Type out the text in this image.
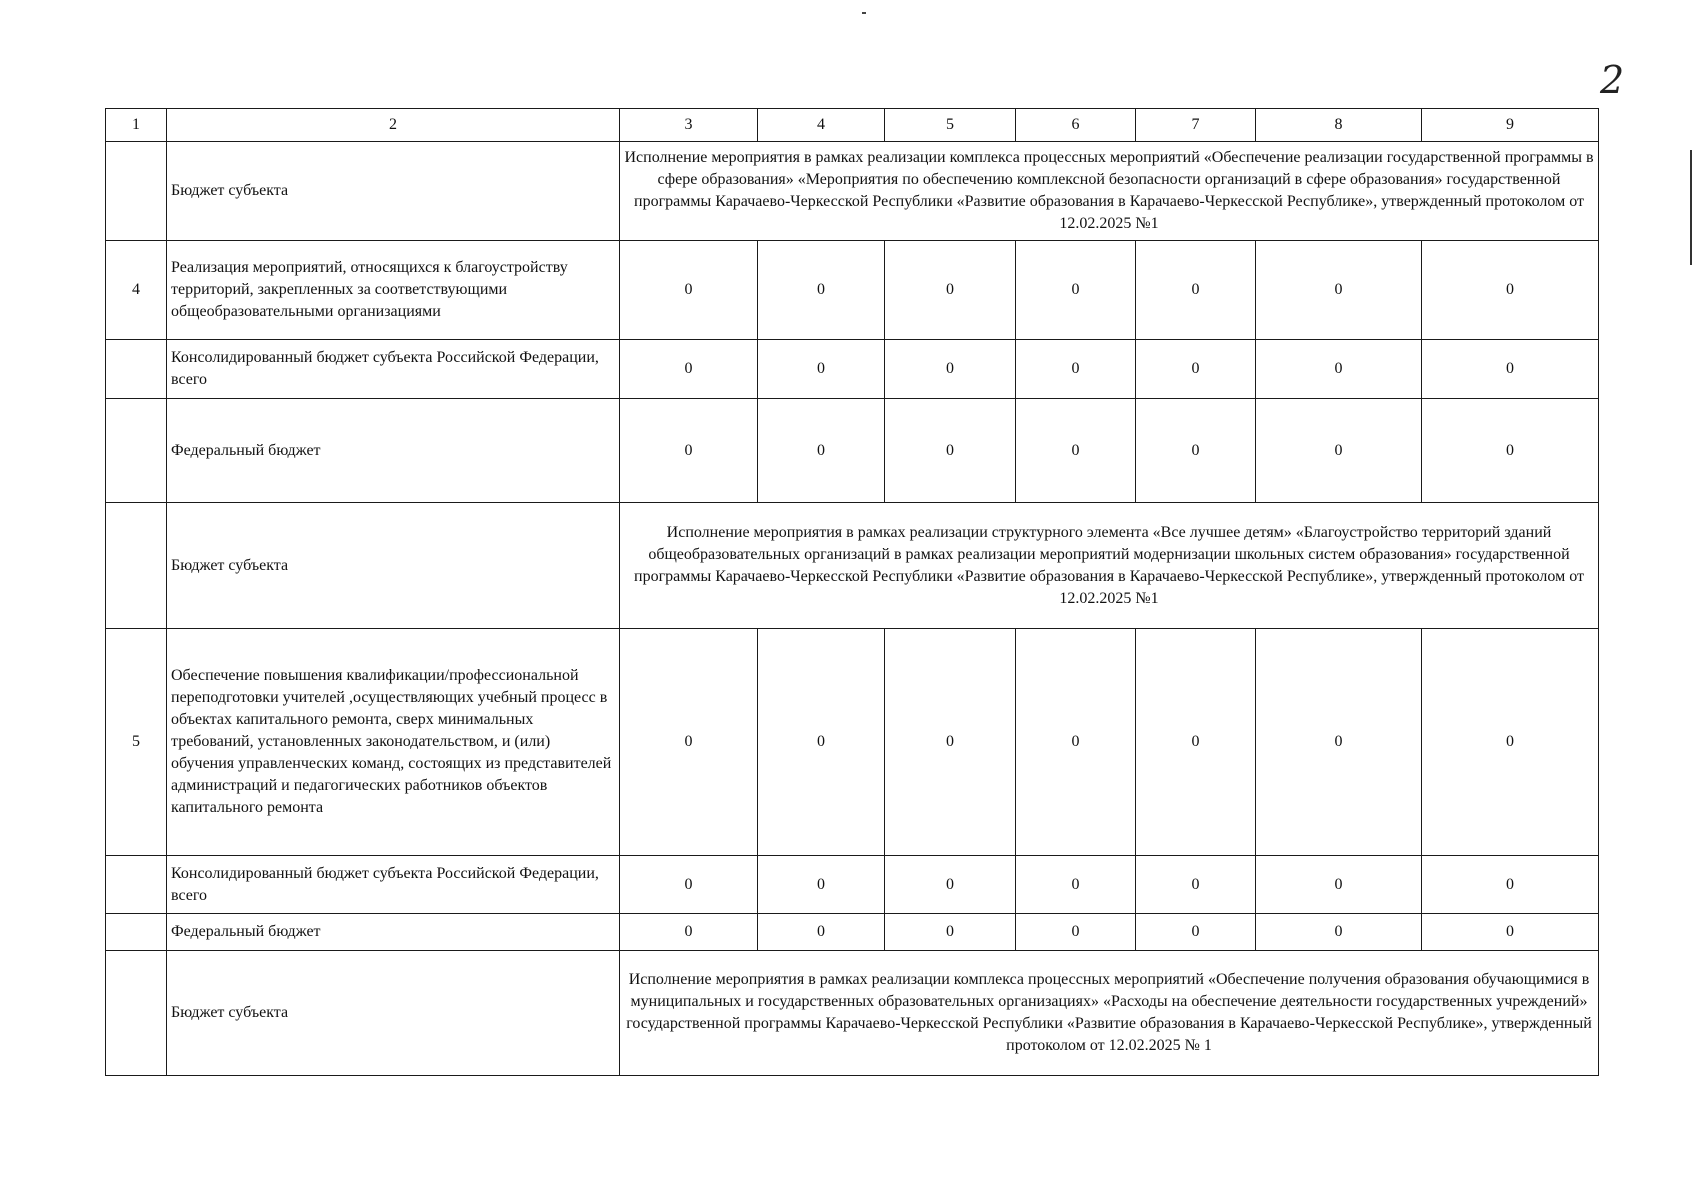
2
1	2	3	4	5	6	7	8	9
	Бюджет субъекта	Исполнение мероприятия в рамках реализации комплекса процессных мероприятий «Обеспечение реализации государственной программы в сфере образования» «Мероприятия по обеспечению комплексной безопасности организаций в сфере образования» государственной программы Карачаево-Черкесской Республики «Развитие образования в Карачаево-Черкесской Республике», утвержденный протоколом от 12.02.2025 №1						
4	Реализация мероприятий, относящихся к благоустройству территорий, закрепленных за соответствующими общеобразовательными организациями	0	0	0	0	0	0	0
	Консолидированный бюджет субъекта Российской Федерации, всего	0	0	0	0	0	0	0
	Федеральный бюджет	0	0	0	0	0	0	0
	Бюджет субъекта	Исполнение мероприятия в рамках реализации структурного элемента «Все лучшее детям» «Благоустройство территорий зданий общеобразовательных организаций в рамках реализации мероприятий модернизации школьных систем образования» государственной программы Карачаево-Черкесской Республики «Развитие образования в Карачаево-Черкесской Республике», утвержденный протоколом от 12.02.2025 №1						
5	Обеспечение повышения квалификации/профессиональной переподготовки учителей ,осуществляющих учебный процесс в объектах капитального ремонта, сверх минимальных требований, установленных законодательством, и (или) обучения управленческих команд, состоящих из представителей администраций и педагогических работников объектов капитального ремонта	0	0	0	0	0	0	0
	Консолидированный бюджет субъекта Российской Федерации, всего	0	0	0	0	0	0	0
	Федеральный бюджет	0	0	0	0	0	0	0
	Бюджет субъекта	Исполнение мероприятия в рамках реализации комплекса процессных мероприятий «Обеспечение получения образования обучающимися в муниципальных и государственных образовательных организациях» «Расходы на обеспечение деятельности государственных учреждений» государственной программы Карачаево-Черкесской Республики «Развитие образования в Карачаево-Черкесской Республике», утвержденный протоколом от 12.02.2025 № 1						
